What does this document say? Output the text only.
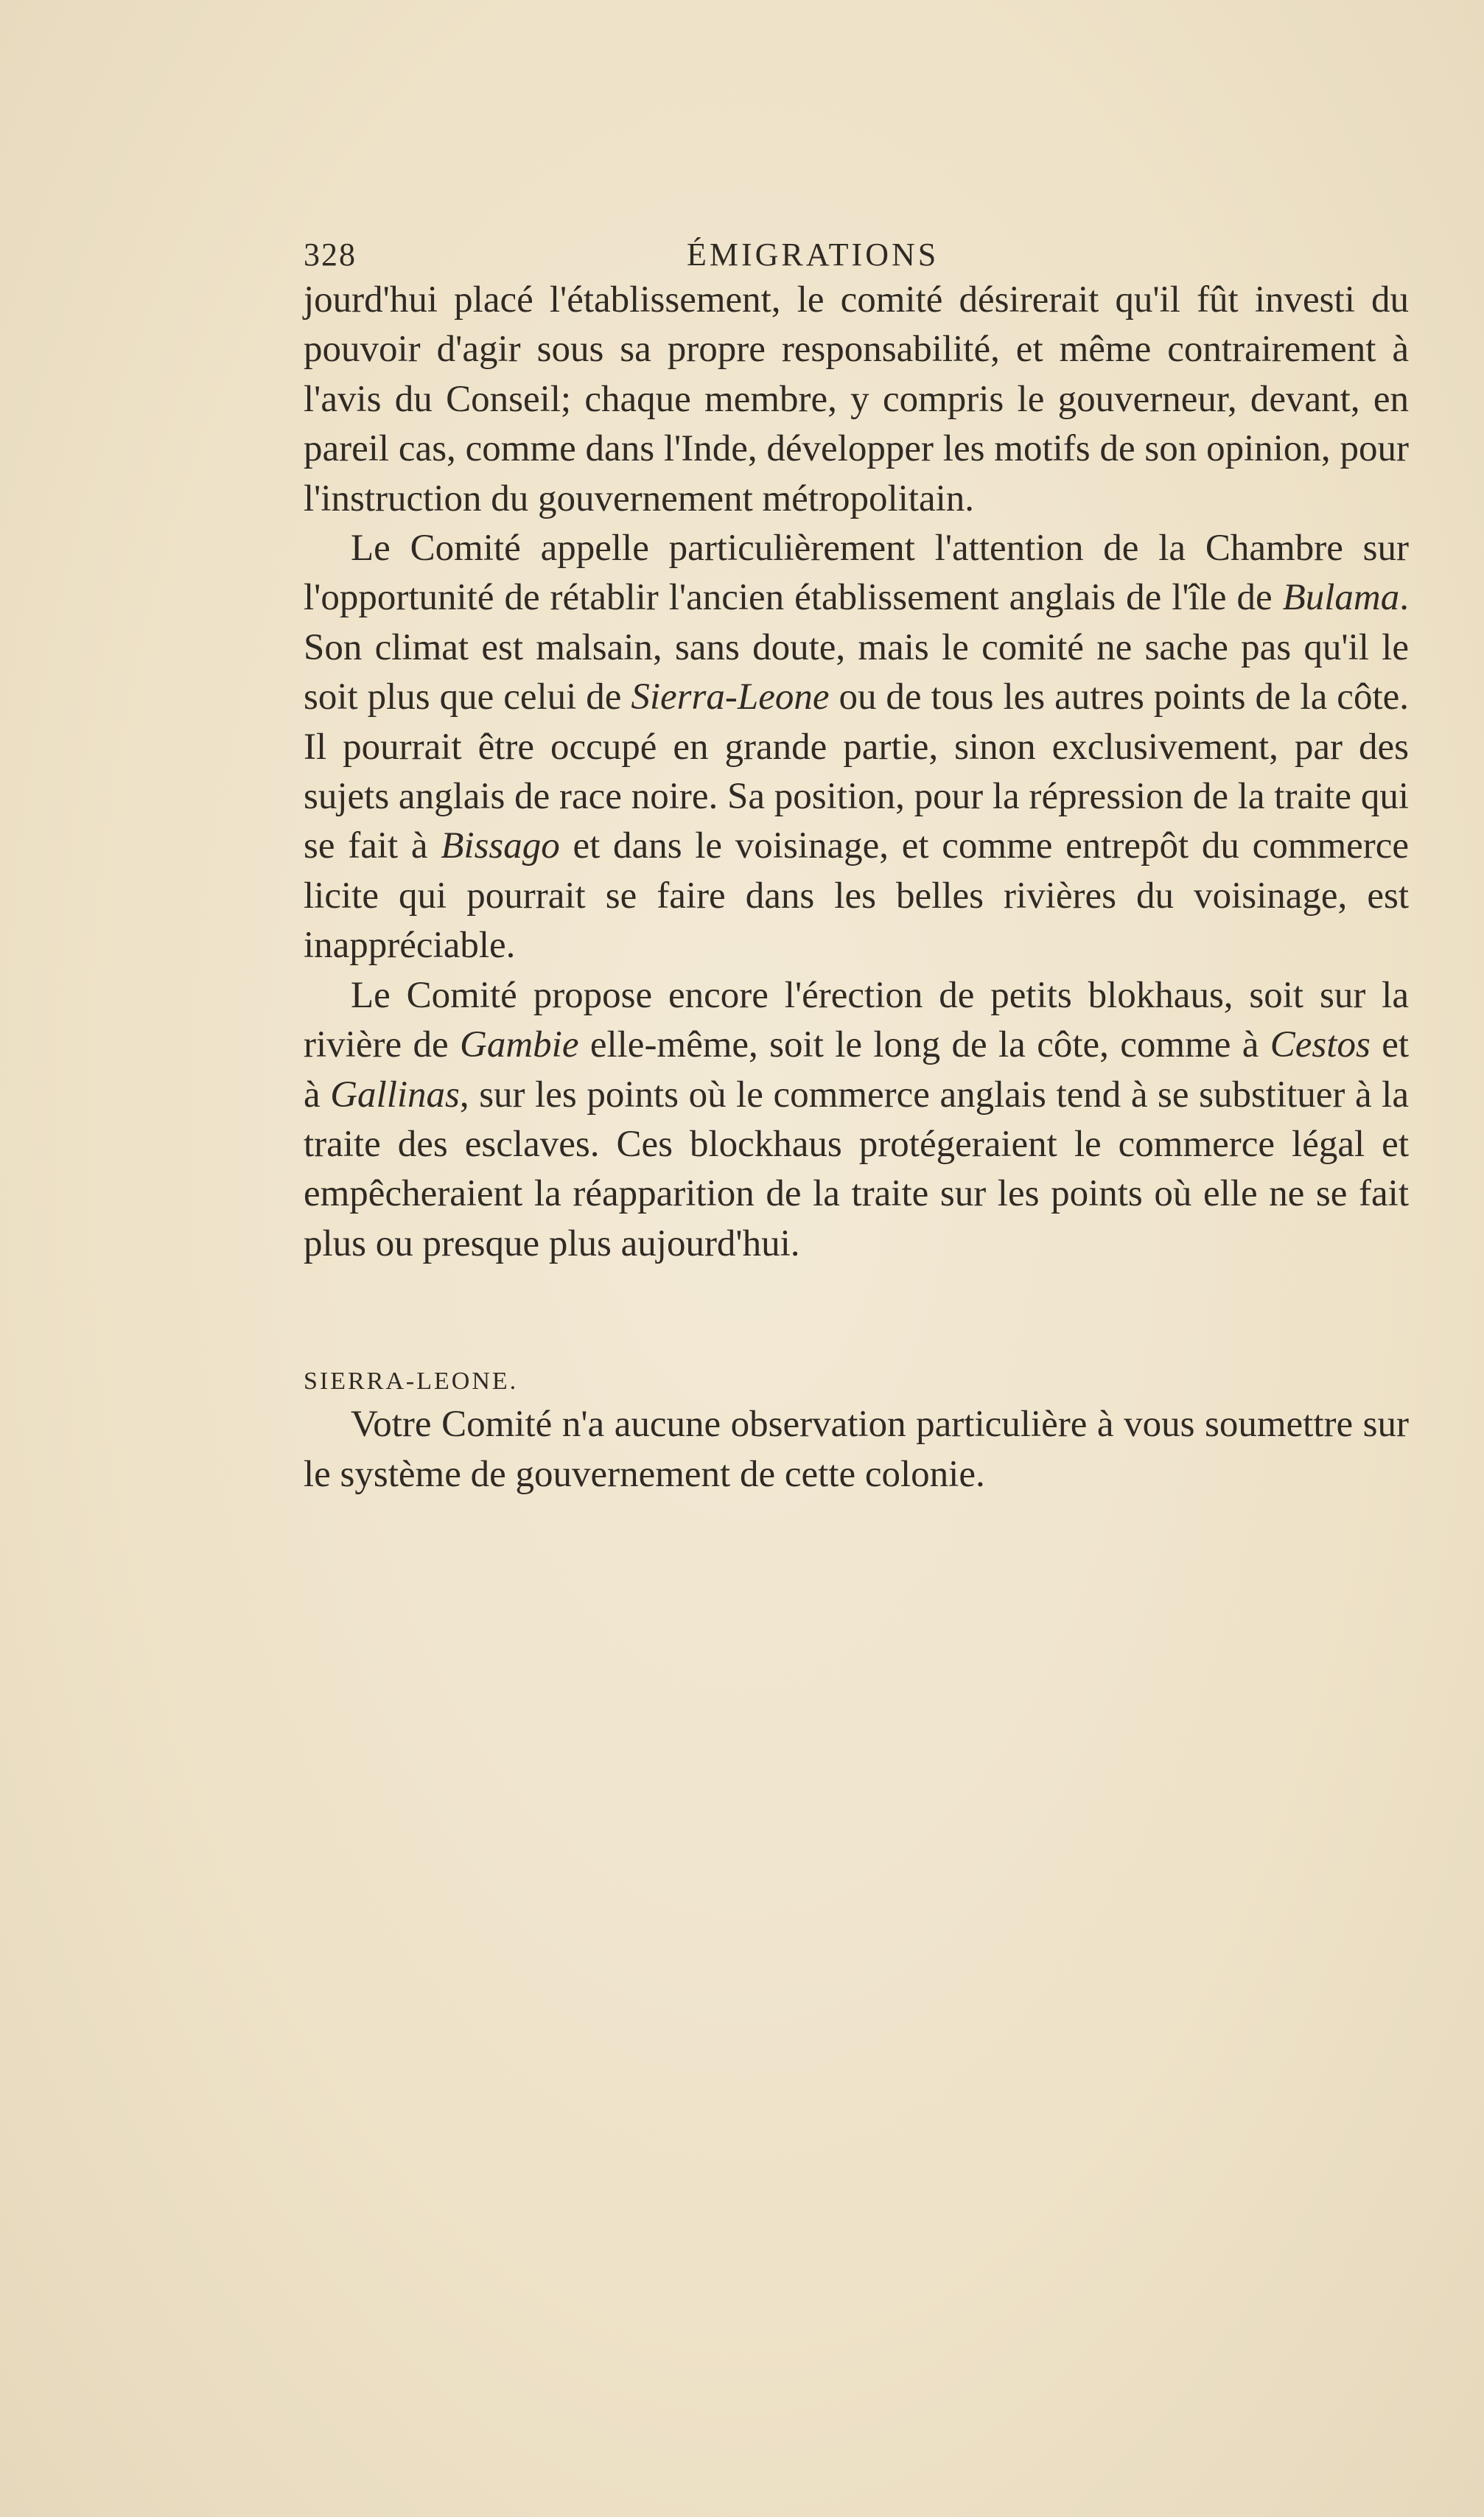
328	ÉMIGRATIONS

jourd'hui placé l'établissement, le comité désirerait qu'il fût investi du pouvoir d'agir sous sa propre responsabilité, et même contrairement à l'avis du Conseil; chaque membre, y compris le gouverneur, devant, en pareil cas, comme dans l'Inde, développer les motifs de son opinion, pour l'instruction du gouvernement métropolitain.

Le Comité appelle particulièrement l'attention de la Chambre sur l'opportunité de rétablir l'ancien établissement anglais de l'île de Bulama. Son climat est malsain, sans doute, mais le comité ne sache pas qu'il le soit plus que celui de Sierra-Leone ou de tous les autres points de la côte. Il pourrait être occupé en grande partie, sinon exclusivement, par des sujets anglais de race noire. Sa position, pour la répression de la traite qui se fait à Bissago et dans le voisinage, et comme entrepôt du commerce licite qui pourrait se faire dans les belles rivières du voisinage, est inappréciable.

Le Comité propose encore l'érection de petits blokhaus, soit sur la rivière de Gambie elle-même, soit le long de la côte, comme à Cestos et à Gallinas, sur les points où le commerce anglais tend à se substituer à la traite des esclaves. Ces blockhaus protégeraient le commerce légal et empêcheraient la réapparition de la traite sur les points où elle ne se fait plus ou presque plus aujourd'hui.

SIERRA-LEONE.

Votre Comité n'a aucune observation particulière à vous soumettre sur le système de gouvernement de cette colonie.
